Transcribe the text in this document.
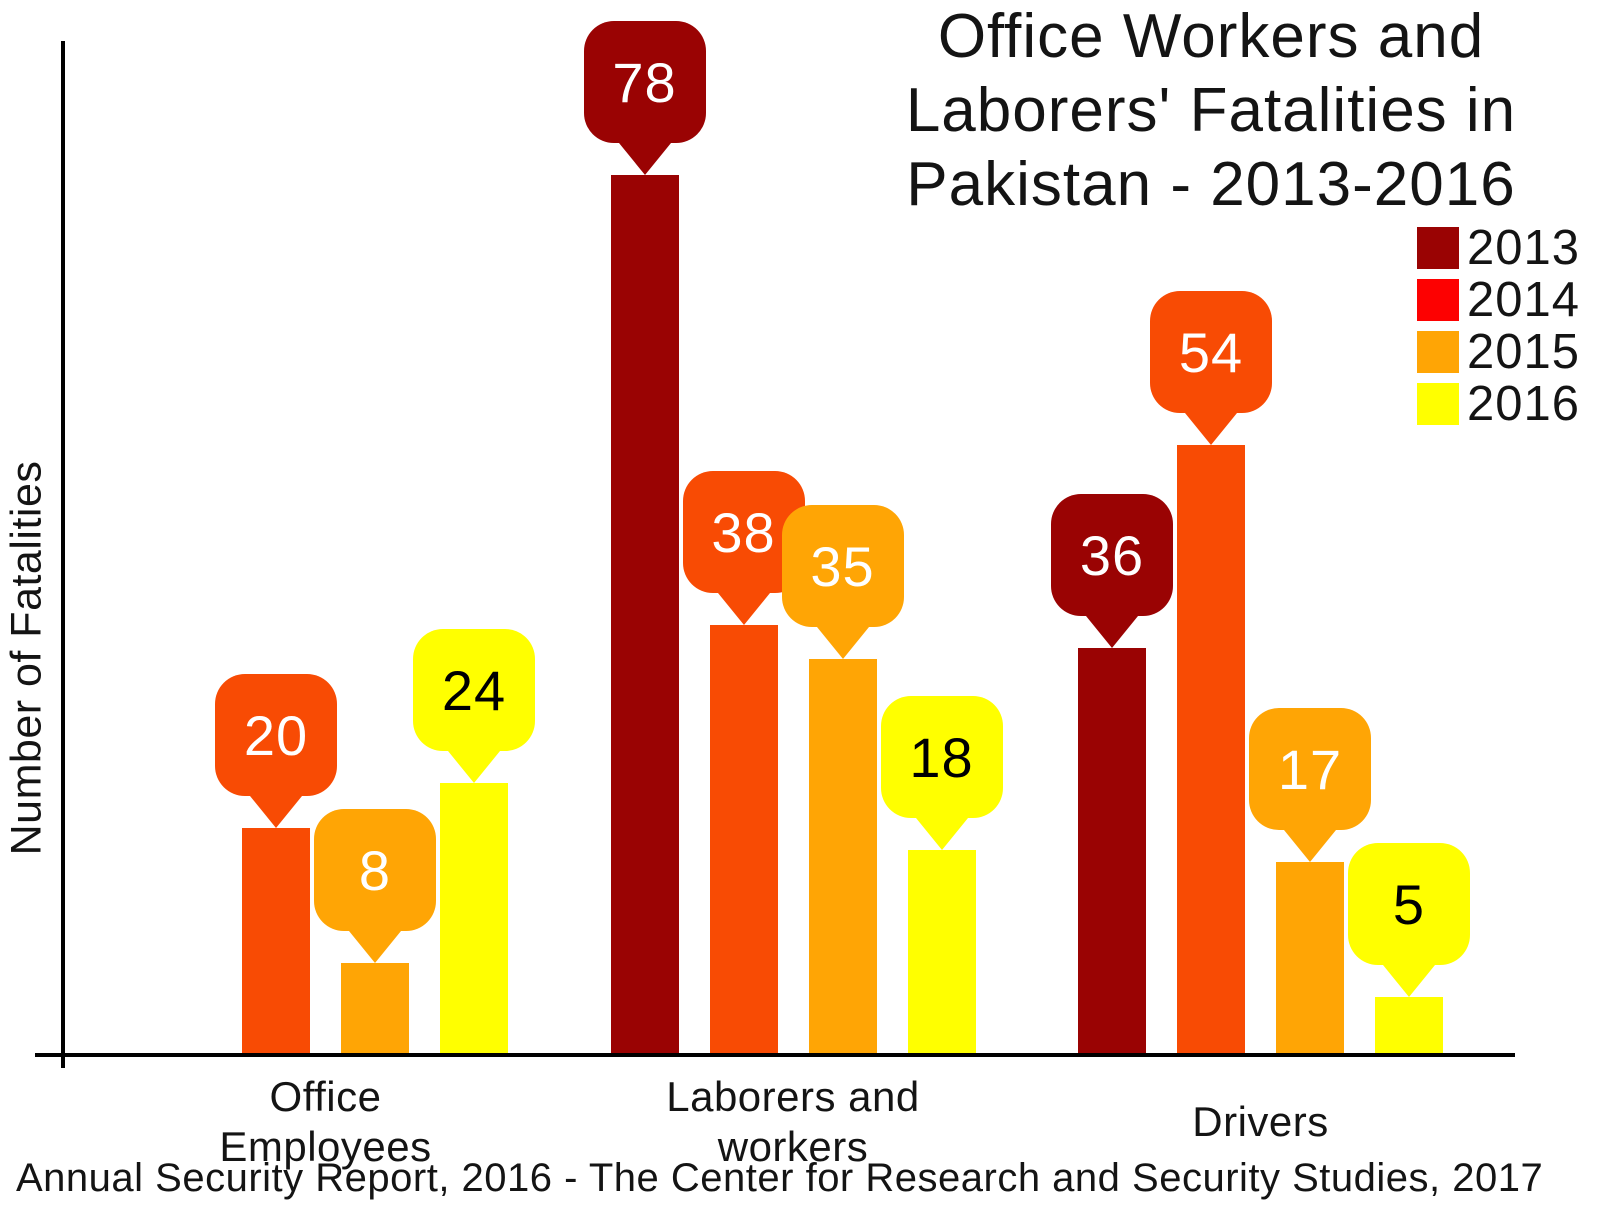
Office Workers and
Laborers' Fatalities in
Pakistan - 2013-2016
Number of Fatalities
2013
2014
2015
2016
78
36
20
38
54
8
35
17
24
18
5
Office
Employees
Laborers and
workers
Drivers
Annual Security Report, 2016 - The Center for Research and Security Studies, 2017
